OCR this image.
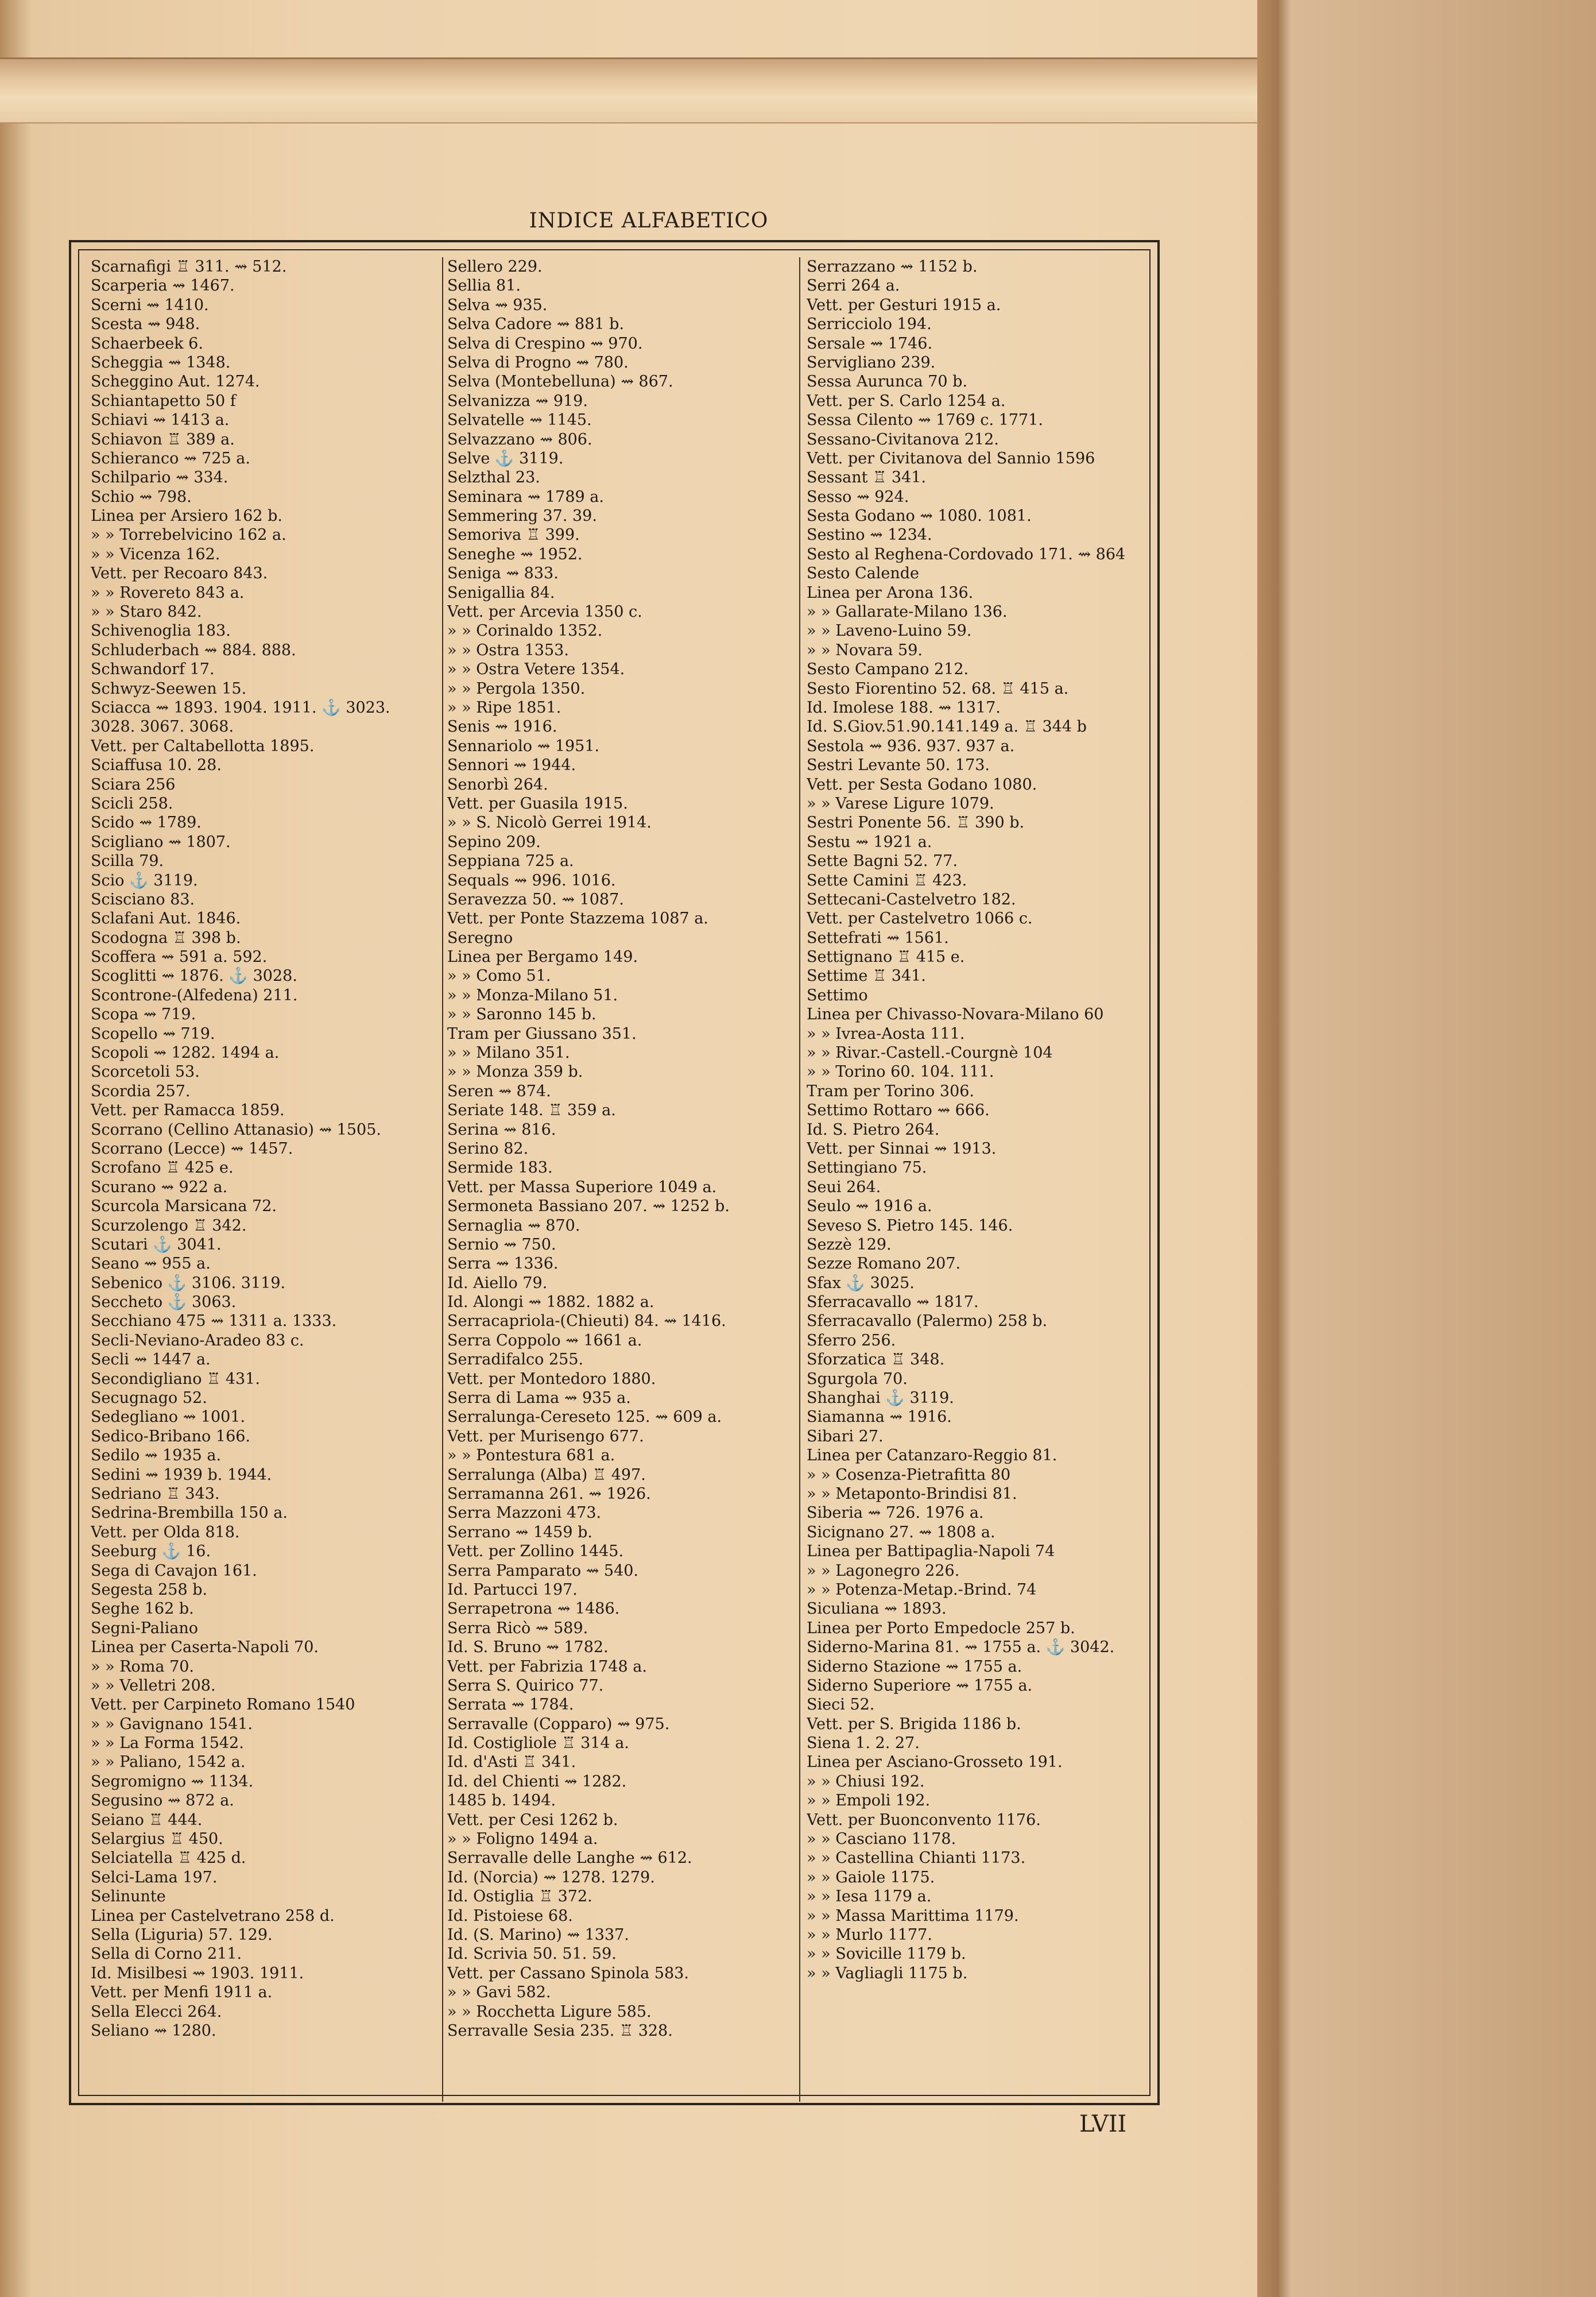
INDICE ALFABETICO
Scarnafigi ♖ 311. ⇝ 512.
Scarperia ⇝ 1467.
Scerni ⇝ 1410.
Scesta ⇝ 948.
Schaerbeek 6.
Scheggia ⇝ 1348.
Scheggino Aut. 1274.
Schiantapetto 50 f
Schiavi ⇝ 1413 a.
Schiavon ♖ 389 a.
Schieranco ⇝ 725 a.
Schilpario ⇝ 334.
Schio ⇝ 798.
Linea per Arsiero 162 b.
» » Torrebelvicino 162 a.
» » Vicenza 162.
Vett. per Recoaro 843.
» » Rovereto 843 a.
» » Staro 842.
Schivenoglia 183.
Schluderbach ⇝ 884. 888.
Schwandorf 17.
Schwyz-Seewen 15.
Sciacca ⇝ 1893. 1904. 1911. ⚓ 3023.
3028. 3067. 3068.
Vett. per Caltabellotta 1895.
Sciaffusa 10. 28.
Sciara 256
Scicli 258.
Scido ⇝ 1789.
Scigliano ⇝ 1807.
Scilla 79.
Scio ⚓ 3119.
Scisciano 83.
Sclafani Aut. 1846.
Scodogna ♖ 398 b.
Scoffera ⇝ 591 a. 592.
Scoglitti ⇝ 1876. ⚓ 3028.
Scontrone-(Alfedena) 211.
Scopa ⇝ 719.
Scopello ⇝ 719.
Scopoli ⇝ 1282. 1494 a.
Scorcetoli 53.
Scordia 257.
Vett. per Ramacca 1859.
Scorrano (Cellino Attanasio) ⇝ 1505.
Scorrano (Lecce) ⇝ 1457.
Scrofano ♖ 425 e.
Scurano ⇝ 922 a.
Scurcola Marsicana 72.
Scurzolengo ♖ 342.
Scutari ⚓ 3041.
Seano ⇝ 955 a.
Sebenico ⚓ 3106. 3119.
Seccheto ⚓ 3063.
Secchiano 475 ⇝ 1311 a. 1333.
Secli-Neviano-Aradeo 83 c.
Secli ⇝ 1447 a.
Secondigliano ♖ 431.
Secugnago 52.
Sedegliano ⇝ 1001.
Sedico-Bribano 166.
Sedilo ⇝ 1935 a.
Sedini ⇝ 1939 b. 1944.
Sedriano ♖ 343.
Sedrina-Brembilla 150 a.
Vett. per Olda 818.
Seeburg ⚓ 16.
Sega di Cavajon 161.
Segesta 258 b.
Seghe 162 b.
Segni-Paliano
Linea per Caserta-Napoli 70.
» » Roma 70.
» » Velletri 208.
Vett. per Carpineto Romano 1540
» » Gavignano 1541.
» » La Forma 1542.
» » Paliano, 1542 a.
Segromigno ⇝ 1134.
Segusino ⇝ 872 a.
Seiano ♖ 444.
Selargius ♖ 450.
Selciatella ♖ 425 d.
Selci-Lama 197.
Selinunte
Linea per Castelvetrano 258 d.
Sella (Liguria) 57. 129.
Sella di Corno 211.
Id. Misilbesi ⇝ 1903. 1911.
Vett. per Menfi 1911 a.
Sella Elecci 264.
Seliano ⇝ 1280.
Sellero 229.
Sellia 81.
Selva ⇝ 935.
Selva Cadore ⇝ 881 b.
Selva di Crespino ⇝ 970.
Selva di Progno ⇝ 780.
Selva (Montebelluna) ⇝ 867.
Selvanizza ⇝ 919.
Selvatelle ⇝ 1145.
Selvazzano ⇝ 806.
Selve ⚓ 3119.
Selzthal 23.
Seminara ⇝ 1789 a.
Semmering 37. 39.
Semoriva ♖ 399.
Seneghe ⇝ 1952.
Seniga ⇝ 833.
Senigallia 84.
Vett. per Arcevia 1350 c.
» » Corinaldo 1352.
» » Ostra 1353.
» » Ostra Vetere 1354.
» » Pergola 1350.
» » Ripe 1851.
Senis ⇝ 1916.
Sennariolo ⇝ 1951.
Sennori ⇝ 1944.
Senorbì 264.
Vett. per Guasila 1915.
» » S. Nicolò Gerrei 1914.
Sepino 209.
Seppiana 725 a.
Sequals ⇝ 996. 1016.
Seravezza 50. ⇝ 1087.
Vett. per Ponte Stazzema 1087 a.
Seregno
Linea per Bergamo 149.
» » Como 51.
» » Monza-Milano 51.
» » Saronno 145 b.
Tram per Giussano 351.
» » Milano 351.
» » Monza 359 b.
Seren ⇝ 874.
Seriate 148. ♖ 359 a.
Serina ⇝ 816.
Serino 82.
Sermide 183.
Vett. per Massa Superiore 1049 a.
Sermoneta Bassiano 207. ⇝ 1252 b.
Sernaglia ⇝ 870.
Sernio ⇝ 750.
Serra ⇝ 1336.
Id. Aiello 79.
Id. Alongi ⇝ 1882. 1882 a.
Serracapriola-(Chieuti) 84. ⇝ 1416.
Serra Coppolo ⇝ 1661 a.
Serradifalco 255.
Vett. per Montedoro 1880.
Serra di Lama ⇝ 935 a.
Serralunga-Cereseto 125. ⇝ 609 a.
Vett. per Murisengo 677.
» » Pontestura 681 a.
Serralunga (Alba) ♖ 497.
Serramanna 261. ⇝ 1926.
Serra Mazzoni 473.
Serrano ⇝ 1459 b.
Vett. per Zollino 1445.
Serra Pamparato ⇝ 540.
Id. Partucci 197.
Serrapetrona ⇝ 1486.
Serra Ricò ⇝ 589.
Id. S. Bruno ⇝ 1782.
Vett. per Fabrizia 1748 a.
Serra S. Quirico 77.
Serrata ⇝ 1784.
Serravalle (Copparo) ⇝ 975.
Id. Costigliole ♖ 314 a.
Id. d'Asti ♖ 341.
Id. del Chienti ⇝ 1282.
1485 b. 1494.
Vett. per Cesi 1262 b.
» » Foligno 1494 a.
Serravalle delle Langhe ⇝ 612.
Id. (Norcia) ⇝ 1278. 1279.
Id. Ostiglia ♖ 372.
Id. Pistoiese 68.
Id. (S. Marino) ⇝ 1337.
Id. Scrivia 50. 51. 59.
Vett. per Cassano Spinola 583.
» » Gavi 582.
» » Rocchetta Ligure 585.
Serravalle Sesia 235. ♖ 328.
Serrazzano ⇝ 1152 b.
Serri 264 a.
Vett. per Gesturi 1915 a.
Serricciolo 194.
Sersale ⇝ 1746.
Servigliano 239.
Sessa Aurunca 70 b.
Vett. per S. Carlo 1254 a.
Sessa Cilento ⇝ 1769 c. 1771.
Sessano-Civitanova 212.
Vett. per Civitanova del Sannio 1596
Sessant ♖ 341.
Sesso ⇝ 924.
Sesta Godano ⇝ 1080. 1081.
Sestino ⇝ 1234.
Sesto al Reghena-Cordovado 171. ⇝ 864
Sesto Calende
Linea per Arona 136.
» » Gallarate-Milano 136.
» » Laveno-Luino 59.
» » Novara 59.
Sesto Campano 212.
Sesto Fiorentino 52. 68. ♖ 415 a.
Id. Imolese 188. ⇝ 1317.
Id. S.Giov.51.90.141.149 a. ♖ 344 b
Sestola ⇝ 936. 937. 937 a.
Sestri Levante 50. 173.
Vett. per Sesta Godano 1080.
» » Varese Ligure 1079.
Sestri Ponente 56. ♖ 390 b.
Sestu ⇝ 1921 a.
Sette Bagni 52. 77.
Sette Camini ♖ 423.
Settecani-Castelvetro 182.
Vett. per Castelvetro 1066 c.
Settefrati ⇝ 1561.
Settignano ♖ 415 e.
Settime ♖ 341.
Settimo
Linea per Chivasso-Novara-Milano 60
» » Ivrea-Aosta 111.
» » Rivar.-Castell.-Courgnè 104
» » Torino 60. 104. 111.
Tram per Torino 306.
Settimo Rottaro ⇝ 666.
Id. S. Pietro 264.
Vett. per Sinnai ⇝ 1913.
Settingiano 75.
Seui 264.
Seulo ⇝ 1916 a.
Seveso S. Pietro 145. 146.
Sezzè 129.
Sezze Romano 207.
Sfax ⚓ 3025.
Sferracavallo ⇝ 1817.
Sferracavallo (Palermo) 258 b.
Sferro 256.
Sforzatica ♖ 348.
Sgurgola 70.
Shanghai ⚓ 3119.
Siamanna ⇝ 1916.
Sibari 27.
Linea per Catanzaro-Reggio 81.
» » Cosenza-Pietrafitta 80
» » Metaponto-Brindisi 81.
Siberia ⇝ 726. 1976 a.
Sicignano 27. ⇝ 1808 a.
Linea per Battipaglia-Napoli 74
» » Lagonegro 226.
» » Potenza-Metap.-Brind. 74
Siculiana ⇝ 1893.
Linea per Porto Empedocle 257 b.
Siderno-Marina 81. ⇝ 1755 a. ⚓ 3042.
Siderno Stazione ⇝ 1755 a.
Siderno Superiore ⇝ 1755 a.
Sieci 52.
Vett. per S. Brigida 1186 b.
Siena 1. 2. 27.
Linea per Asciano-Grosseto 191.
» » Chiusi 192.
» » Empoli 192.
Vett. per Buonconvento 1176.
» » Casciano 1178.
» » Castellina Chianti 1173.
» » Gaiole 1175.
» » Iesa 1179 a.
» » Massa Marittima 1179.
» » Murlo 1177.
» » Sovicille 1179 b.
» » Vagliagli 1175 b.
LVII
